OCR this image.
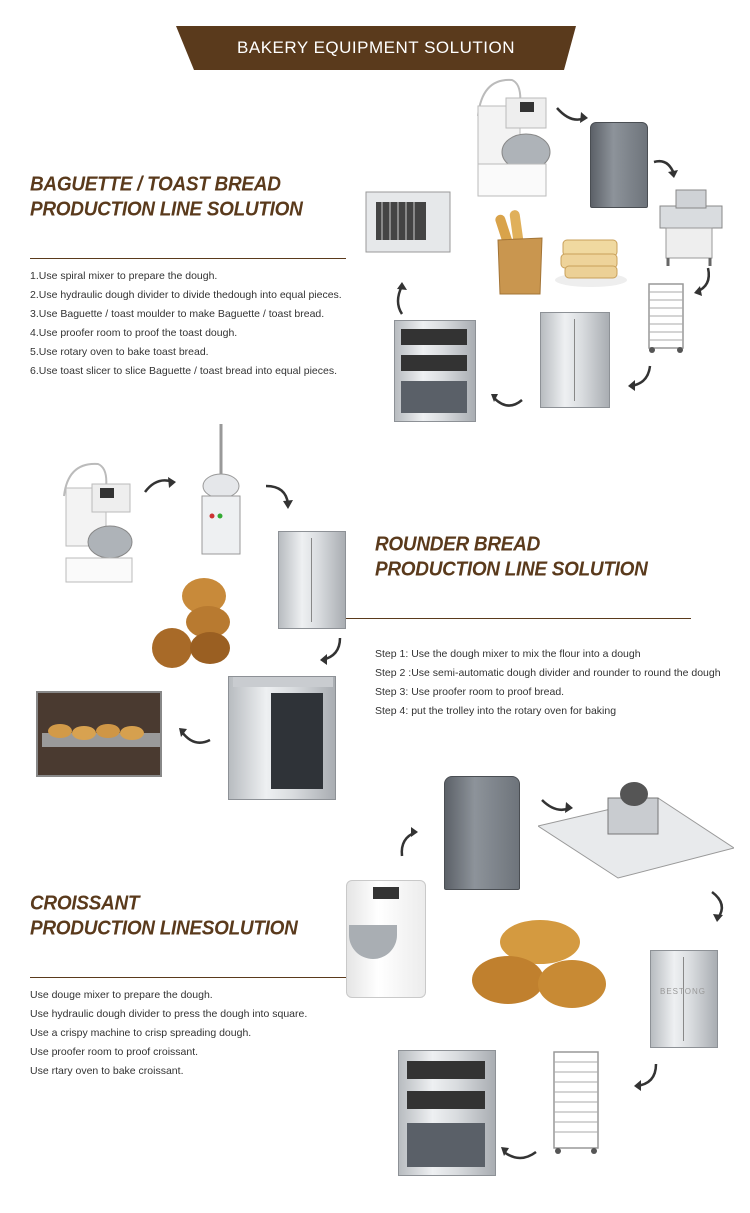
BAKERY EQUIPMENT SOLUTION
BAGUETTE / TOAST BREAD
PRODUCTION LINE SOLUTION
1.Use spiral mixer to prepare the dough.
2.Use hydraulic dough divider to divide thedough into equal pieces.
3.Use Baguette / toast moulder to make Baguette / toast bread.
4.Use proofer room to proof the toast dough.
5.Use rotary oven to bake toast bread.
6.Use toast slicer to slice Baguette / toast bread into equal pieces.
ROUNDER BREAD
PRODUCTION LINE SOLUTION
Step 1: Use the dough mixer to mix the flour into a dough
Step 2 :Use semi-automatic dough divider and rounder to round the dough
Step 3: Use proofer room to proof bread.
Step 4: put the trolley into the rotary oven for baking
CROISSANT
PRODUCTION LINESOLUTION
Use douge mixer to prepare the dough.
Use hydraulic dough divider to press the dough into square.
Use a crispy machine to crisp spreading dough.
Use proofer room to proof croissant.
Use rtary oven to bake croissant.
BESTONG
